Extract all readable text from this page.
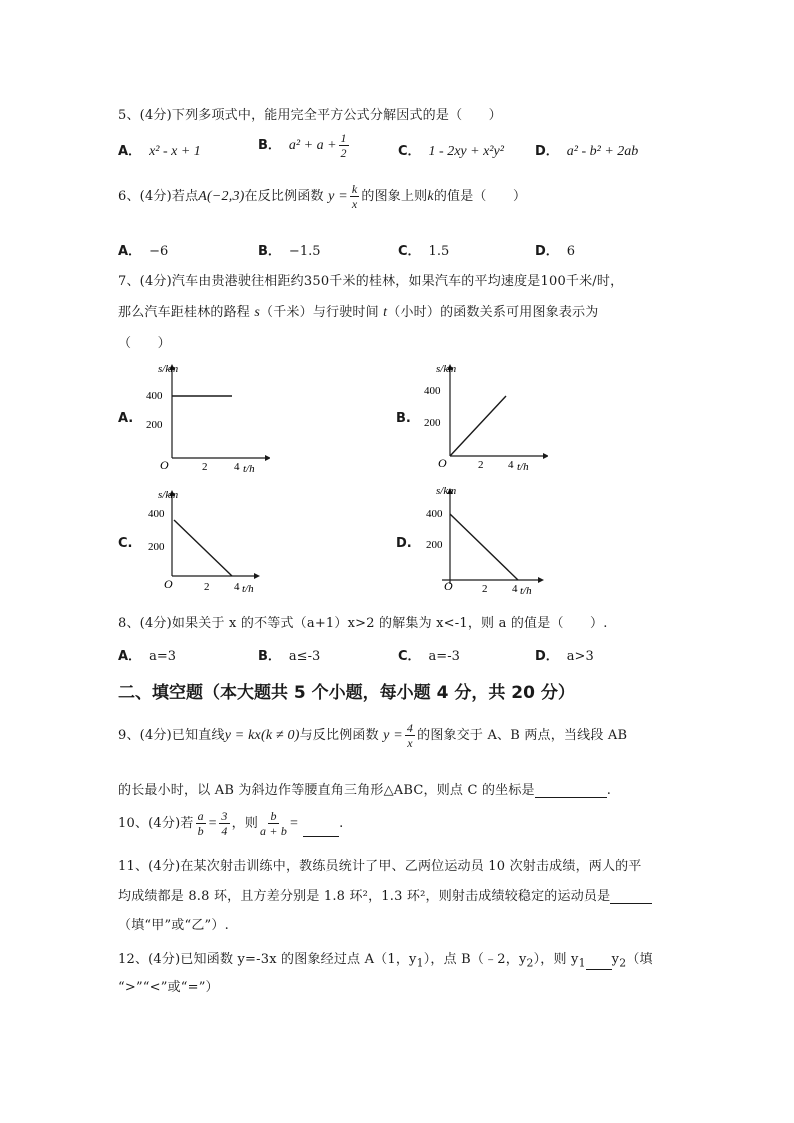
5、(4分)下列多项式中，能用完全平方公式分解因式的是（　　）
A． x² - x + 1	B． $a^2 + a + \frac{1}{2}$	C． 1 - 2xy + x²y² D． a² - b² + 2ab
6、(4分)若点A(−2,3)在反比例函数 $y = \frac{k}{x}$ 的图象上则k的值是（　　）
A． −6	B． −1.5	C． 1.5	D． 6
7、(4分)汽车由贵港驶往相距约350千米的桂林，如果汽车的平均速度是100千米/时，
那么汽车距桂林的路程 s（千米）与行驶时间 t（小时）的函数关系可用图象表示为
（　　）
A.
s/km
400
200
O	2 4 t/h
B.
s/km
400
200
O	2 4 t/h
C.
s/km
400
200
O	2 4 t/h
D.
s/km
400
200
O	2 4 t/h
8、(4分)如果关于 x 的不等式（a+1）x>2 的解集为 x<-1，则 a 的值是（　　）.
A． a=3	B． a≤-3	C． a=-3	D． a>3
二、填空题（本大题共 5 个小题，每小题 4 分，共 20 分）
9、(4分)已知直线y = kx(k ≠ 0)与反比例函数 $y = \frac{4}{x}$ 的图象交于 A、B 两点，当线段 AB
的长最小时，以 AB 为斜边作等腰直角三角形△ABC，则点 C 的坐标是	.
10、(4分)若 $\frac{a}{b} = \frac{3}{4}$ ，则 $\frac{b}{a + b}$ =	.
11、(4分)在某次射击训练中，教练员统计了甲、乙两位运动员 10 次射击成绩，两人的平
均成绩都是 8.8 环，且方差分别是 1.8 环²，1.3 环²，则射击成绩较稳定的运动员是
（填“甲”或“乙”）.
12、(4分)已知函数 y=-3x 的图象经过点 A（1，$y_1$），点 B（﹣2，$y_2$），则 $y_1$ $y_2$（填
“>”“<”或“=”）
